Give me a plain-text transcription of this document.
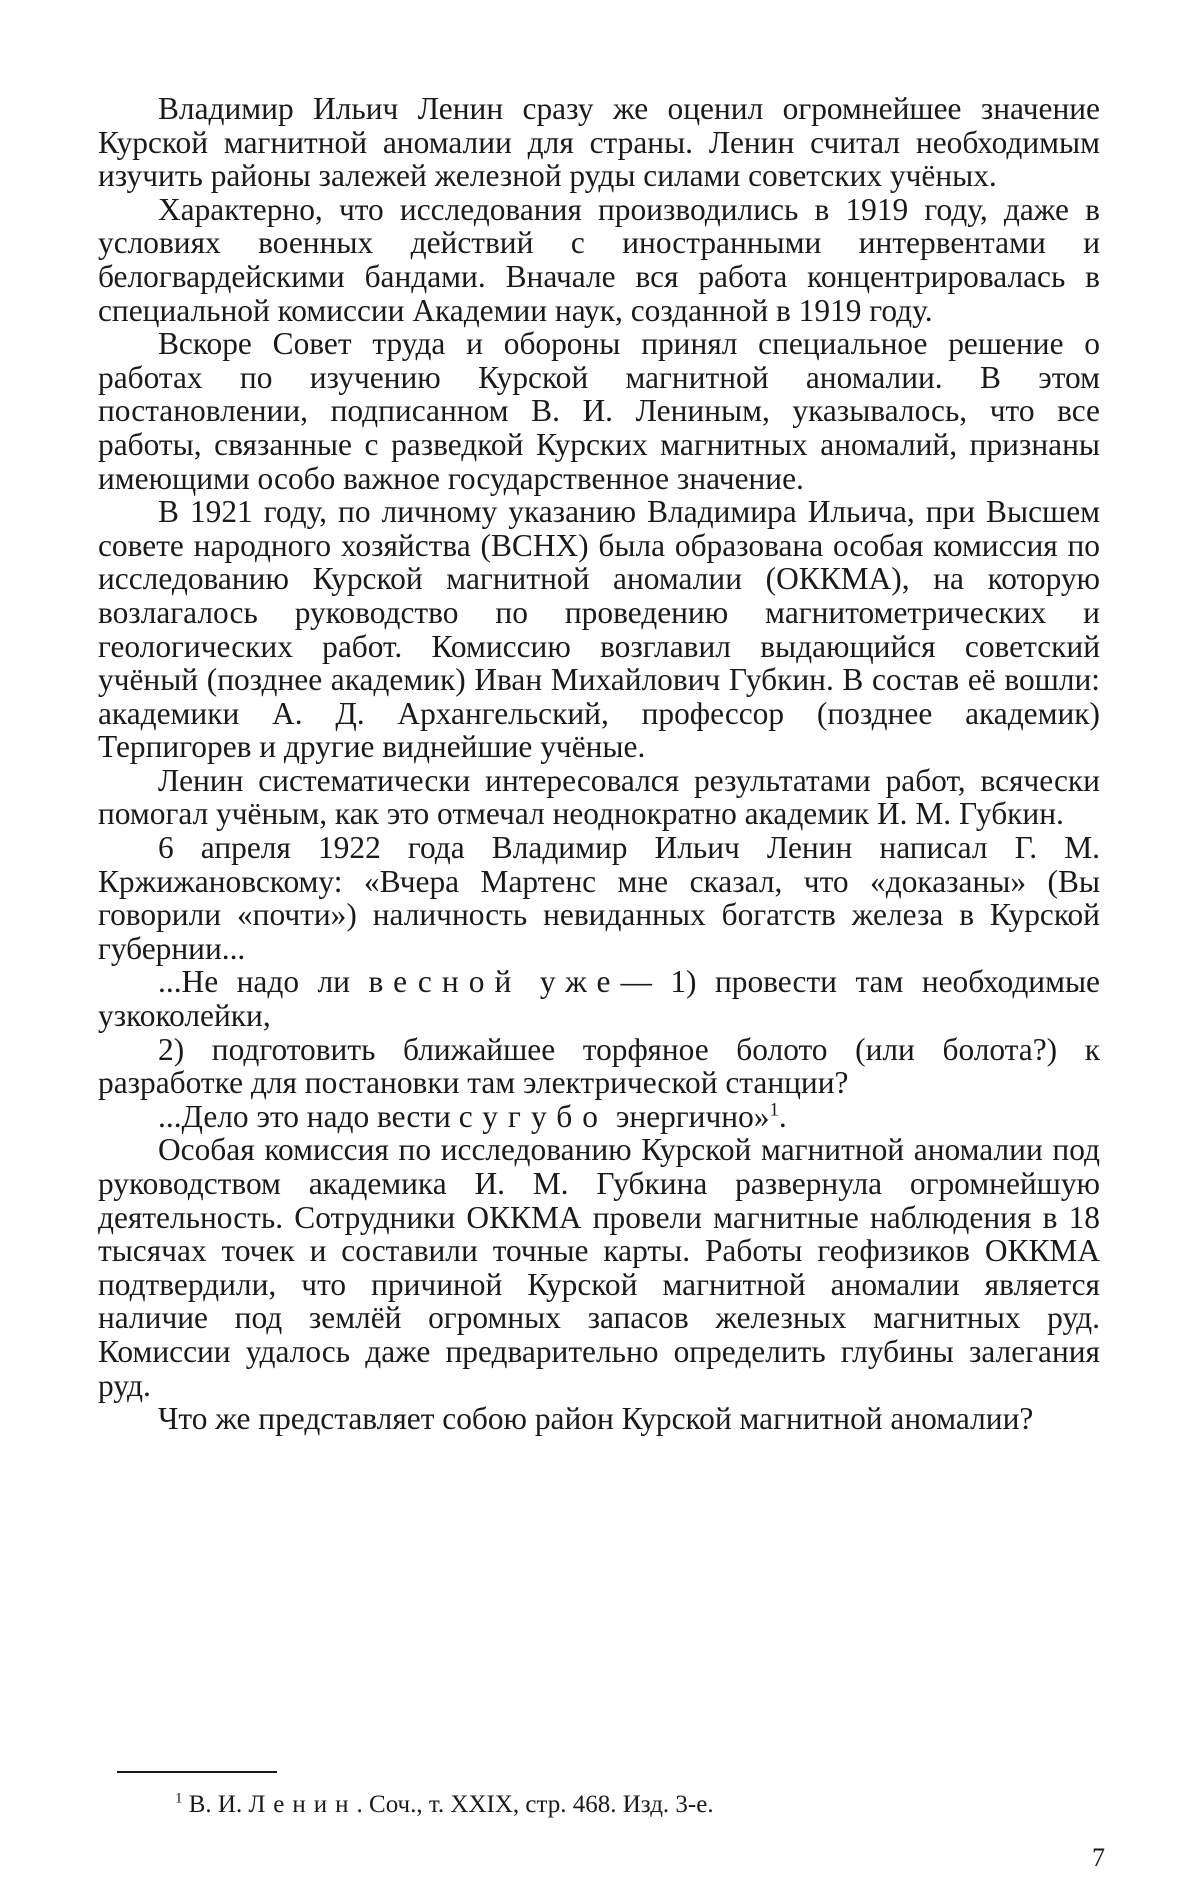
Владимир Ильич Ленин сразу же оценил огромнейшее значение Курской магнитной аномалии для страны. Ленин считал необходимым изучить районы залежей железной руды силами советских учёных.

Характерно, что исследования производились в 1919 году, даже в условиях военных действий с иностранными интервентами и белогвардейскими бандами. Вначале вся работа концентрировалась в специальной комиссии Академии наук, созданной в 1919 году.

Вскоре Совет труда и обороны принял специальное решение о работах по изучению Курской магнитной аномалии. В этом постановлении, подписанном В. И. Лениным, указывалось, что все работы, связанные с разведкой Курских магнитных аномалий, признаны имеющими особо важное государственное значение.

В 1921 году, по личному указанию Владимира Ильича, при Высшем совете народного хозяйства (ВСНХ) была образована особая комиссия по исследованию Курской магнитной аномалии (ОККМА), на которую возлагалось руководство по проведению магнитометрических и геологических работ. Комиссию возглавил выдающийся советский учёный (позднее академик) Иван Михайлович Губкин. В состав её вошли: академики А. Д. Архангельский, профессор (позднее академик) Терпигорев и другие виднейшие учёные.

Ленин систематически интересовался результатами работ, всячески помогал учёным, как это отмечал неоднократно академик И. М. Губкин.

6 апреля 1922 года Владимир Ильич Ленин написал Г. М. Кржижановскому: «Вчера Мартенс мне сказал, что «доказаны» (Вы говорили «почти») наличность невиданных богатств железа в Курской губернии...

...Не надо ли весной уже— 1) провести там необходимые узкоколейки,

2) подготовить ближайшее торфяное болото (или болота?) к разработке для постановки там электрической станции?

...Дело это надо вести сугубо энергично»$^1$.

Особая комиссия по исследованию Курской магнитной аномалии под руководством академика И. М. Губкина развернула огромнейшую деятельность. Сотрудники ОККМА провели магнитные наблюдения в 18 тысячах точек и составили точные карты. Работы геофизиков ОККМА подтвердили, что причиной Курской магнитной аномалии является наличие под землёй огромных запасов железных магнитных руд. Комиссии удалось даже предварительно определить глубины залегания руд.

Что же представляет собою район Курской магнитной аномалии?

$^1$ В. И. Ленин. Соч., т. XXIX, стр. 468. Изд. 3-е.
7
